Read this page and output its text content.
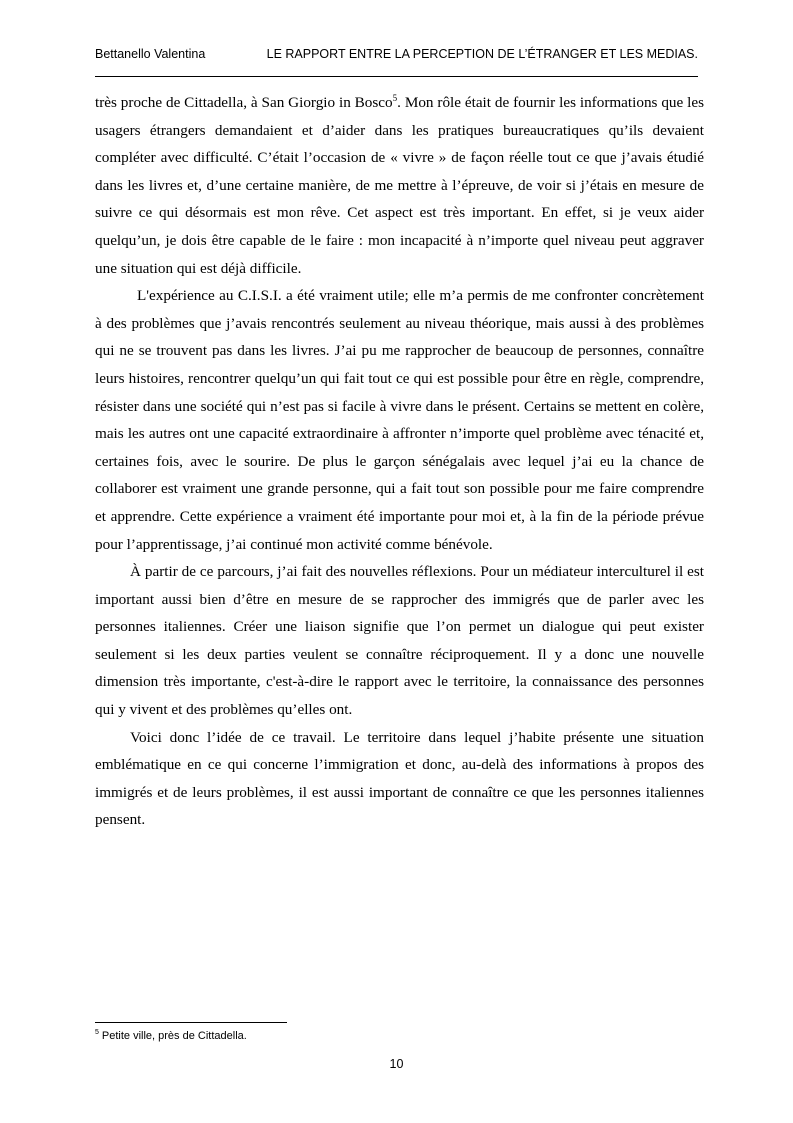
Bettanello Valentina	LE RAPPORT ENTRE LA PERCEPTION DE L’ÉTRANGER ET LES MEDIAS.

très proche de Cittadella, à San Giorgio in Bosco$^5$. Mon rôle était de fournir les informations que les usagers étrangers demandaient et d’aider dans les pratiques bureaucratiques qu’ils devaient compléter avec difficulté. C’était l’occasion de « vivre » de façon réelle tout ce que j’avais étudié dans les livres et, d’une certaine manière, de me mettre à l’épreuve, de voir si j’étais en mesure de suivre ce qui désormais est mon rêve. Cet aspect est très important. En effet, si je veux aider quelqu’un, je dois être capable de le faire : mon incapacité à n’importe quel niveau peut aggraver une situation qui est déjà difficile.

L'expérience au C.I.S.I. a été vraiment utile; elle m’a permis de me confronter concrètement à des problèmes que j’avais rencontrés seulement au niveau théorique, mais aussi à des problèmes qui ne se trouvent pas dans les livres. J’ai pu me rapprocher de beaucoup de personnes, connaître leurs histoires, rencontrer quelqu’un qui fait tout ce qui est possible pour être en règle, comprendre, résister dans une société qui n’est pas si facile à vivre dans le présent. Certains se mettent en colère, mais les autres ont une capacité extraordinaire à affronter n’importe quel problème avec ténacité et, certaines fois, avec le sourire. De plus le garçon sénégalais avec lequel j’ai eu la chance de collaborer est vraiment une grande personne, qui a fait tout son possible pour me faire comprendre et apprendre. Cette expérience a vraiment été importante pour moi et, à la fin de la période prévue pour l’apprentissage, j’ai continué mon activité comme bénévole.

À partir de ce parcours, j’ai fait des nouvelles réflexions. Pour un médiateur interculturel il est important aussi bien d’être en mesure de se rapprocher des immigrés que de parler avec les personnes italiennes. Créer une liaison signifie que l’on permet un dialogue qui peut exister seulement si les deux parties veulent se connaître réciproquement. Il y a donc une nouvelle dimension très importante, c'est-à-dire le rapport avec le territoire, la connaissance des personnes qui y vivent et des problèmes qu’elles ont.

Voici donc l’idée de ce travail. Le territoire dans lequel j’habite présente une situation emblématique en ce qui concerne l’immigration et donc, au-delà des informations à propos des immigrés et de leurs problèmes, il est aussi important de connaître ce que les personnes italiennes pensent.

$^5$ Petite ville, près de Cittadella.
10
